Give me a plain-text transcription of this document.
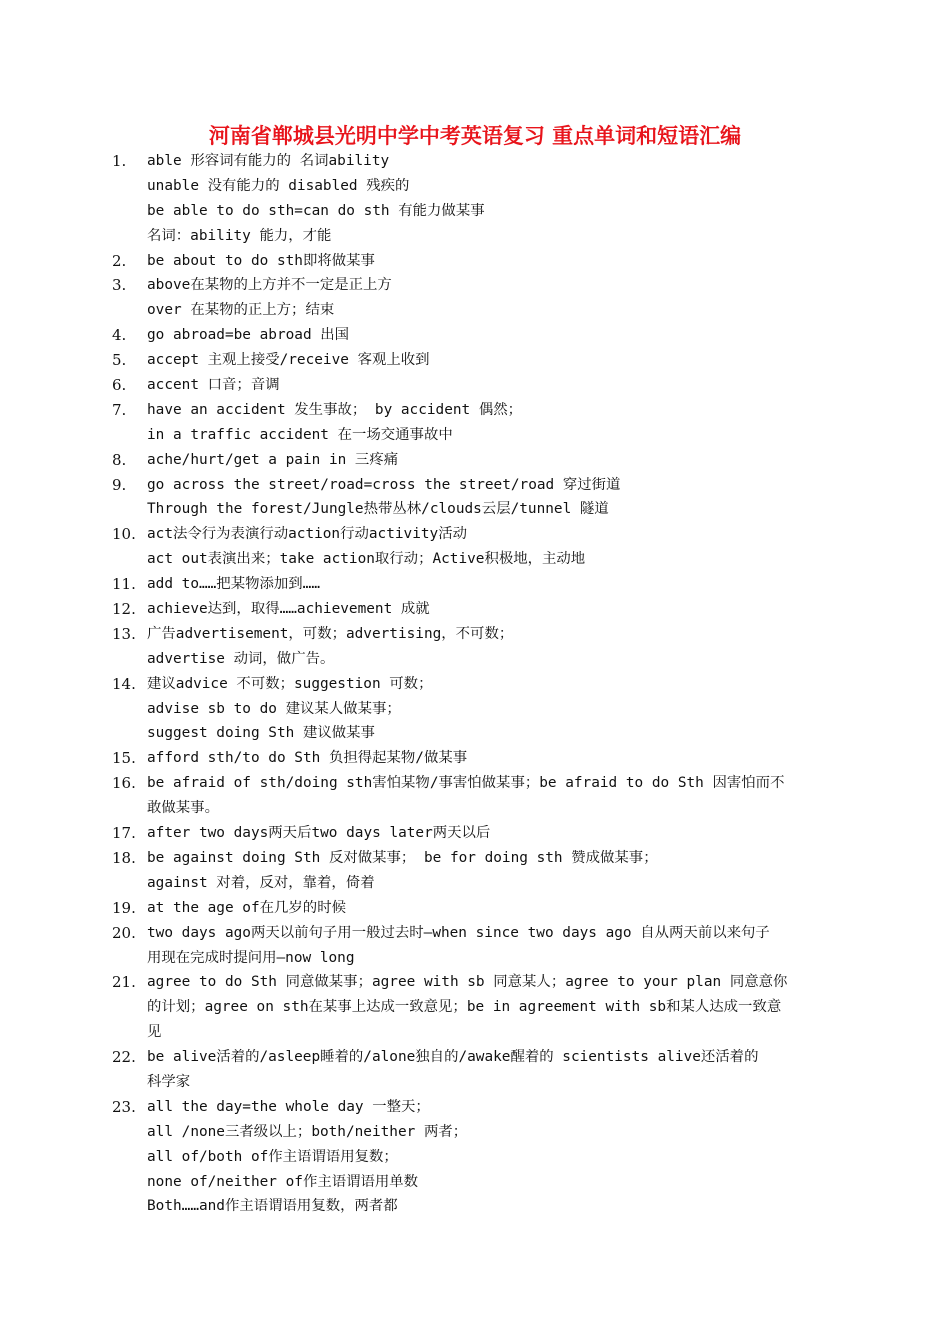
河南省郸城县光明中学中考英语复习 重点单词和短语汇编
1. able 形容词有能力的 名词ability
unable 没有能力的 disabled 残疾的
be able to do sth=can do sth 有能力做某事
名词：ability 能力，才能
2. be about to do sth即将做某事
3. above在某物的上方并不一定是正上方
over 在某物的正上方；结束
4. go abroad=be abroad 出国
5. accept 主观上接受/receive 客观上收到
6. accent 口音；音调
7. have an accident 发生事故； by accident 偶然；
in a traffic accident 在一场交通事故中
8. ache/hurt/get a pain in 三疼痛
9. go across the street/road=cross the street/road 穿过街道
Through the forest/Jungle热带丛林/clouds云层/tunnel 隧道
10. act法令行为表演行动action行动activity活动
act out表演出来；take action取行动；Active积极地，主动地
11. add to……把某物添加到……
12. achieve达到，取得……achievement 成就
13. 广告advertisement，可数；advertising，不可数；
advertise 动词，做广告。
14. 建议advice 不可数；suggestion 可数；
advise sb to do 建议某人做某事；
suggest doing Sth 建议做某事
15. afford sth/to do Sth 负担得起某物/做某事
16. be afraid of sth/doing sth害怕某物/事害怕做某事；be afraid to do Sth 因害怕而不
敢做某事。
17. after two days两天后two days later两天以后
18. be against doing Sth 反对做某事； be for doing sth 赞成做某事；
against 对着，反对，靠着，倚着
19. at the age of在几岁的时候
20. two days ago两天以前句子用一般过去时—when since two days ago 自从两天前以来句子
用现在完成时提问用—now long
21. agree to do Sth 同意做某事；agree with sb 同意某人；agree to your plan 同意意你
的计划；agree on sth在某事上达成一致意见；be in agreement with sb和某人达成一致意
见
22. be alive活着的/asleep睡着的/alone独自的/awake醒着的 scientists alive还活着的
科学家
23. all the day=the whole day 一整天；
all /none三者级以上；both/neither 两者；
all of/both of作主语谓语用复数；
none of/neither of作主语谓语用单数
Both……and作主语谓语用复数，两者都
